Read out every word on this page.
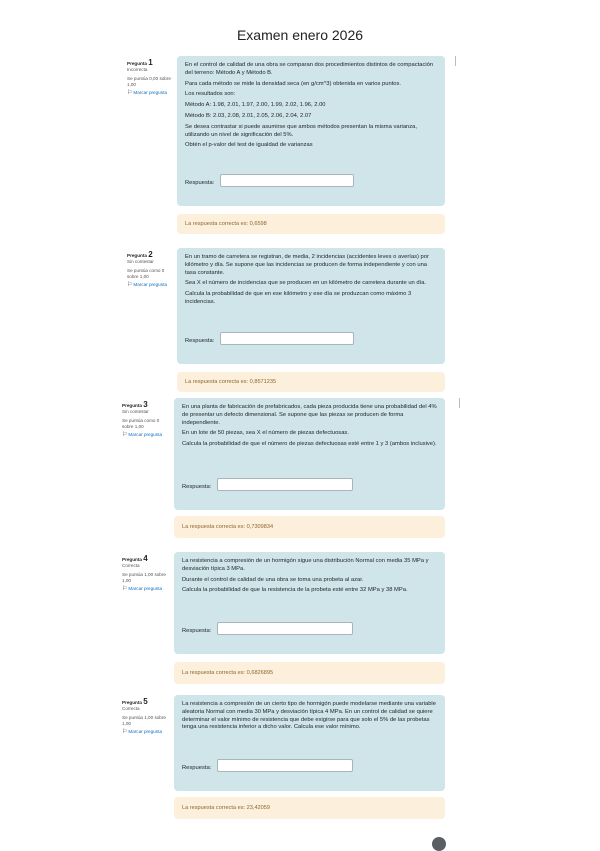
Examen enero 2026
Pregunta 1
Incorrecta
Se puntúa 0,00 sobre 1,00
⚐Marcar pregunta

En el control de calidad de una obra se comparan dos procedimientos distintos de compactación del terreno: Método A y Método B.

Para cada método se mide la densidad seca (en g/cm^3) obtenida en varios puntos.

Los resultados son:

Método A: 1.98, 2.01, 1.97, 2.00, 1.99, 2.02, 1.96, 2.00

Método B: 2.03, 2.08, 2.01, 2.05, 2.06, 2.04, 2.07

Se desea contrastar si puede asumirse que ambos métodos presentan la misma varianza, utilizando un nivel de significación del 5%.

Obtén el p-valor del test de igualdad de varianzas

Respuesta:
La respuesta correcta es: 0,6598
Pregunta 2
Sin contestar
Se puntúa como 0 sobre 1,00
⚐Marcar pregunta

En un tramo de carretera se registran, de media, 2 incidencias (accidentes leves o averías) por kilómetro y día. Se supone que las incidencias se producen de forma independiente y con una tasa constante.

Sea X el número de incidencias que se producen en un kilómetro de carretera durante un día.

Calcula la probabilidad de que en ese kilómetro y ese día se produzcan como máximo 3 incidencias.

Respuesta:
La respuesta correcta es: 0,8571235
Pregunta 3
Sin contestar
Se puntúa como 0 sobre 1,00
⚐Marcar pregunta

En una planta de fabricación de prefabricados, cada pieza producida tiene una probabilidad del 4% de presentar un defecto dimensional. Se supone que las piezas se producen de forma independiente.

En un lote de 50 piezas, sea X el número de piezas defectuosas.

Calcula la probabilidad de que el número de piezas defectuosas esté entre 1 y 3 (ambos inclusive).

Respuesta:
La respuesta correcta es: 0,7309834
Pregunta 4
Correcta
Se puntúa 1,00 sobre 1,00
⚐Marcar pregunta

La resistencia a compresión de un hormigón sigue una distribución Normal con media 35 MPa y desviación típica 3 MPa.

Durante el control de calidad de una obra se toma una probeta al azar.

Calcula la probabilidad de que la resistencia de la probeta esté entre 32 MPa y 38 MPa.

Respuesta:
La respuesta correcta es: 0,6826895
Pregunta 5
Correcta
Se puntúa 1,00 sobre 1,00
⚐Marcar pregunta

La resistencia a compresión de un cierto tipo de hormigón puede modelarse mediante una variable aleatoria Normal con media 30 MPa y desviación típica 4 MPa. En un control de calidad se quiere determinar el valor mínimo de resistencia que debe exigirse para que solo el 5% de las probetas tenga una resistencia inferior a dicho valor. Calcula ese valor mínimo.

Respuesta:
La respuesta correcta es: 23,42059
